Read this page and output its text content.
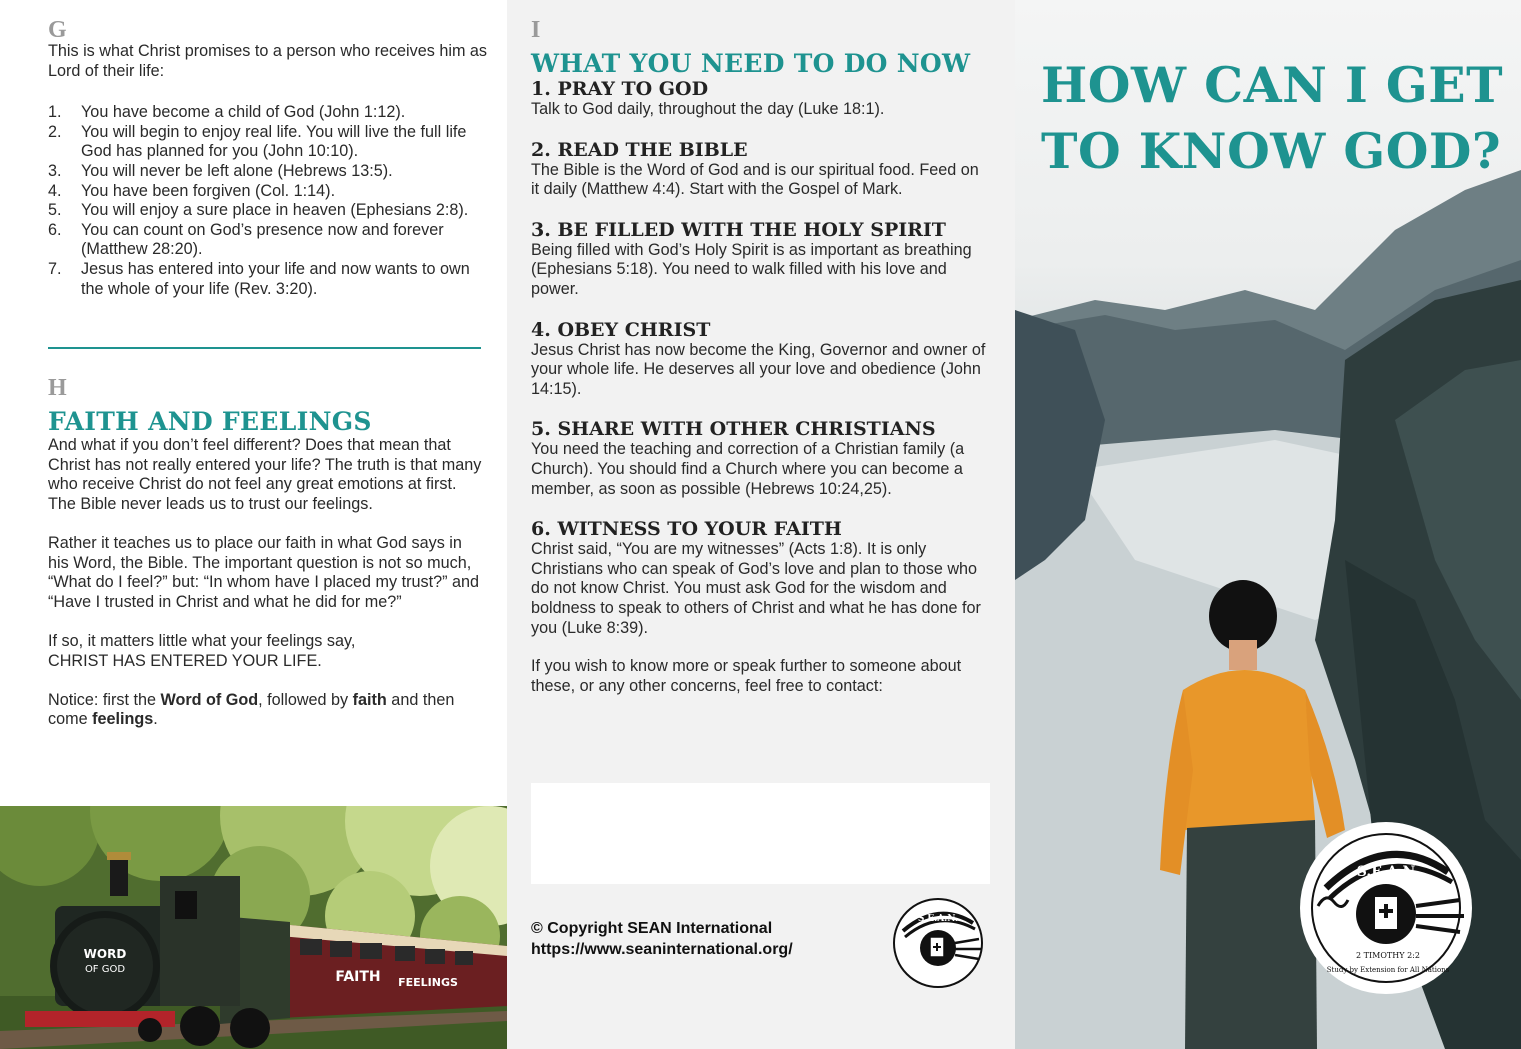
G

This is what Christ promises to a person who receives him as Lord of their life:

1. You have become a child of God (John 1:12).
2. You will begin to enjoy real life. You will live the full life God has planned for you (John 10:10).
3. You will never be left alone (Hebrews 13:5).
4. You have been forgiven (Col. 1:14).
5. You will enjoy a sure place in heaven (Ephesians 2:8).
6. You can count on God’s presence now and forever (Matthew 28:20).
7. Jesus has entered into your life and now wants to own the whole of your life (Rev. 3:20).
H
FAITH AND FEELINGS

And what if you don’t feel different? Does that mean that Christ has not really entered your life? The truth is that many who receive Christ do not feel any great emotions at first. The Bible never leads us to trust our feelings.

Rather it teaches us to place our faith in what God says in his Word, the Bible. The important question is not so much, “What do I feel?” but: “In whom have I placed my trust?” and “Have I trusted in Christ and what he did for me?”

If so, it matters little what your feelings say,
CHRIST HAS ENTERED YOUR LIFE.

Notice: first the Word of God, followed by faith and then come feelings.

WORD
OF GOD	FAITH FEELINGS
I
WHAT YOU NEED TO DO NOW
1. PRAY TO GOD

Talk to God daily, throughout the day (Luke 18:1).

2. READ THE BIBLE

The Bible is the Word of God and is our spiritual food. Feed on it daily (Matthew 4:4). Start with the Gospel of Mark.

3. BE FILLED WITH THE HOLY SPIRIT

Being filled with God’s Holy Spirit is as important as breathing (Ephesians 5:18). You need to walk filled with his love and power.

4. OBEY CHRIST

Jesus Christ has now become the King, Governor and owner of your whole life. He deserves all your love and obedience (John 14:15).

5. SHARE WITH OTHER CHRISTIANS

You need the teaching and correction of a Christian family (a Church). You should find a Church where you can become a member, as soon as possible (Hebrews 10:24,25).

6. WITNESS TO YOUR FAITH

Christ said, “You are my witnesses” (Acts 1:8). It is only Christians who can speak of God’s love and plan to those who do not know Christ. You must ask God for the wisdom and boldness to speak to others of Christ and what he has done for you (Luke 8:39).

If you wish to know more or speak further to someone about these, or any other concerns, feel free to contact:

© Copyright SEAN International
https://www.seaninternational.org/
S.E.A.N.
HOW CAN I GET
TO KNOW GOD?
S.E.A.N.
2 TIMOTHY 2:2
Study by Extension for All Nations
